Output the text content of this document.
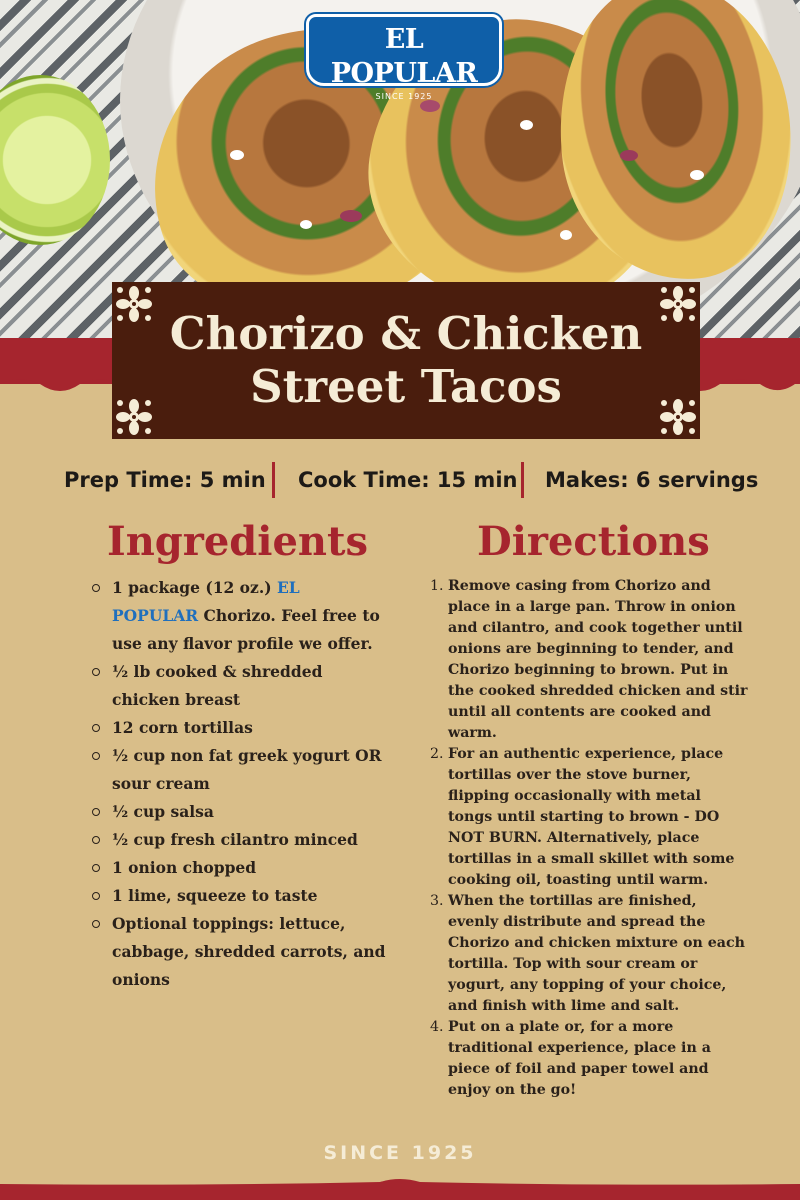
EL POPULAR
SINCE 1925
Chorizo & Chicken
Street Tacos
Prep Time: 5 min Cook Time: 15 min Makes: 6 servings
Ingredients	Directions
1 package (12 oz.) EL POPULAR Chorizo. Feel free to use any flavor profile we offer.
½ lb cooked & shredded chicken breast
12 corn tortillas
½ cup non fat greek yogurt OR sour cream
½ cup salsa
½ cup fresh cilantro minced
1 onion chopped
1 lime, squeeze to taste
Optional toppings: lettuce, cabbage, shredded carrots, and onions
1. Remove casing from Chorizo and place in a large pan. Throw in onion and cilantro, and cook together until onions are beginning to tender, and Chorizo beginning to brown. Put in the cooked shredded chicken and stir until all contents are cooked and warm.
2. For an authentic experience, place tortillas over the stove burner, flipping occasionally with metal tongs until starting to brown - DO NOT BURN. Alternatively, place tortillas in a small skillet with some cooking oil, toasting until warm.
3. When the tortillas are finished, evenly distribute and spread the Chorizo and chicken mixture on each tortilla. Top with sour cream or yogurt, any topping of your choice, and finish with lime and salt.
4. Put on a plate or, for a more traditional experience, place in a piece of foil and paper towel and enjoy on the go!
SINCE 1925
